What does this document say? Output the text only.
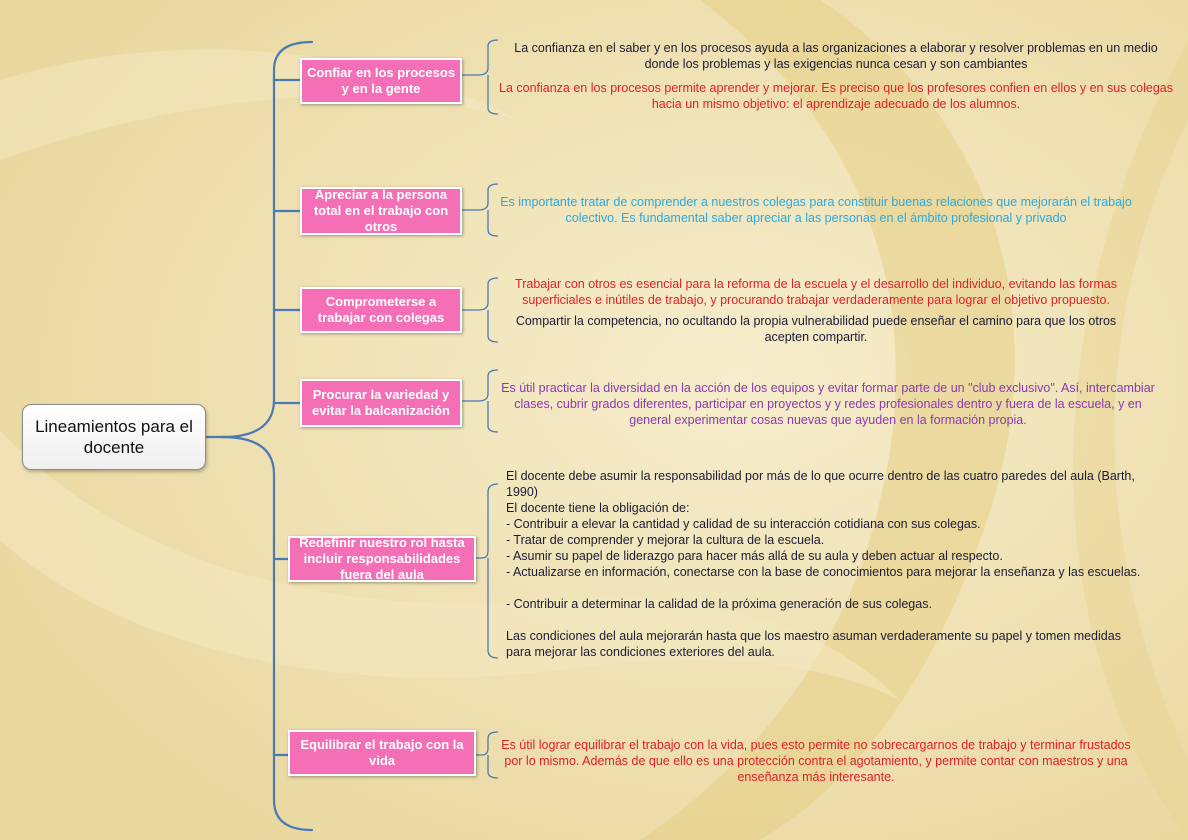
Lineamientos para el docente
Confiar en los procesos y en la gente
La confianza en el saber y en los procesos ayuda a las organizaciones a elaborar y resolver problemas en un medio donde los problemas y las exigencias nunca cesan y son cambiantes
La confianza en los procesos permite aprender y mejorar. Es preciso que los profesores confien en ellos y en sus colegas hacia un mismo objetivo: el aprendizaje adecuado de los alumnos.
Apreciar a la persona total en el trabajo con otros
Es importante tratar de comprender a nuestros colegas para constituir buenas relaciones que mejorarán el trabajo colectivo. Es fundamental saber apreciar a las personas en el ámbito profesional y privado
Comprometerse a trabajar con colegas
Trabajar con otros es esencial para la reforma de la escuela y el desarrollo del individuo, evitando las formas superficiales e inútiles de trabajo, y procurando trabajar verdaderamente para lograr el objetivo propuesto.
Compartir la competencia, no ocultando la propia vulnerabilidad puede enseñar el camino para que los otros acepten compartir.
Procurar la variedad y evitar la balcanización
Es útil practicar la diversidad en la acción de los equipos y evitar formar parte de un "club exclusivo". Así, intercambiar clases, cubrir grados diferentes, participar en proyectos y y redes profesionales dentro y fuera de la escuela, y en general experimentar cosas nuevas que ayuden en la formación propia.
Redefinir nuestro rol hasta incluir responsabilidades fuera del aula
El docente debe asumir la responsabilidad por más de lo que ocurre dentro de las cuatro paredes del aula (Barth, 1990)
El docente tiene la obligación de:
- Contribuir a elevar la cantidad y calidad de su interacción cotidiana con sus colegas.
- Tratar de comprender y mejorar la cultura de la escuela.
- Asumir su papel de liderazgo para hacer más allá de su aula y deben actuar al respecto.
- Actualizarse en información, conectarse con la base de conocimientos para mejorar la enseñanza y las escuelas.
- Contribuir a determinar la calidad de la próxima generación de sus colegas.
Las condiciones del aula mejorarán hasta que los maestro asuman verdaderamente su papel y tomen medidas para mejorar las condiciones exteriores del aula.
Equilibrar el trabajo con la vida
Es útil lograr equilibrar el trabajo con la vida, pues esto permite no sobrecargarnos de trabajo y terminar frustados por lo mismo. Además de que ello es una protección contra el agotamiento, y permite contar con maestros y una enseñanza más interesante.
